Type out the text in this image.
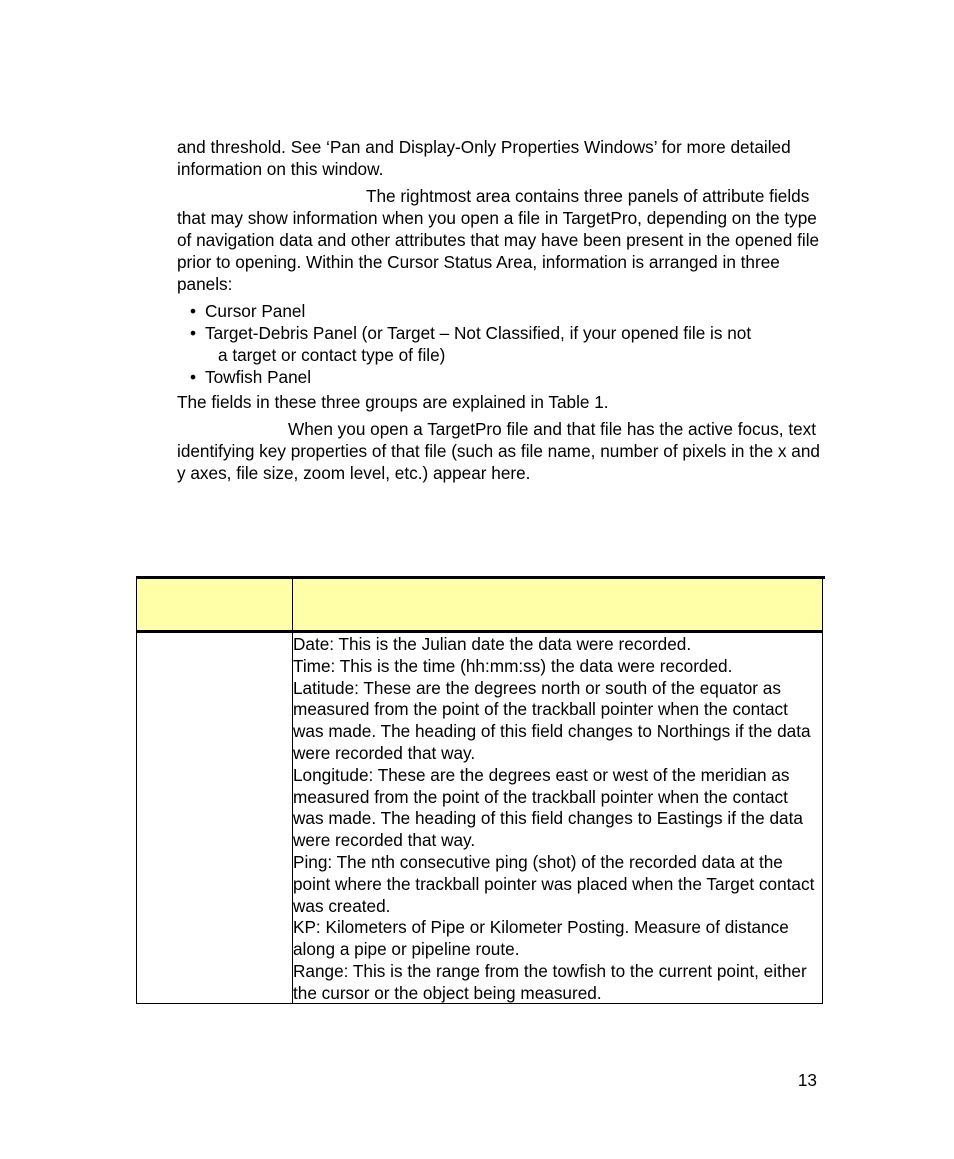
and threshold. See ‘Pan and Display-Only Properties Windows’ for more detailed information on this window.
The rightmost area contains three panels of attribute fields that may show information when you open a file in TargetPro, depending on the type of navigation data and other attributes that may have been present in the opened file prior to opening. Within the Cursor Status Area, information is arranged in three panels:
• Cursor Panel
• Target-Debris Panel (or Target – Not Classified, if your opened file is not
a target or contact type of file)
• Towfish Panel
The fields in these three groups are explained in Table 1.
When you open a TargetPro file and that file has the active focus, text identifying key properties of that file (such as file name, number of pixels in the x and y axes, file size, zoom level, etc.) appear here.
Date: This is the Julian date the data were recorded.
Time: This is the time (hh:mm:ss) the data were recorded.
Latitude: These are the degrees north or south of the equator as measured from the point of the trackball pointer when the contact was made. The heading of this field changes to Northings if the data were recorded that way.
Longitude: These are the degrees east or west of the meridian as measured from the point of the trackball pointer when the contact was made. The heading of this field changes to Eastings if the data were recorded that way.
Ping: The nth consecutive ping (shot) of the recorded data at the point where the trackball pointer was placed when the Target contact was created.
KP: Kilometers of Pipe or Kilometer Posting. Measure of distance along a pipe or pipeline route.
Range: This is the range from the towfish to the current point, either the cursor or the object being measured.
13
